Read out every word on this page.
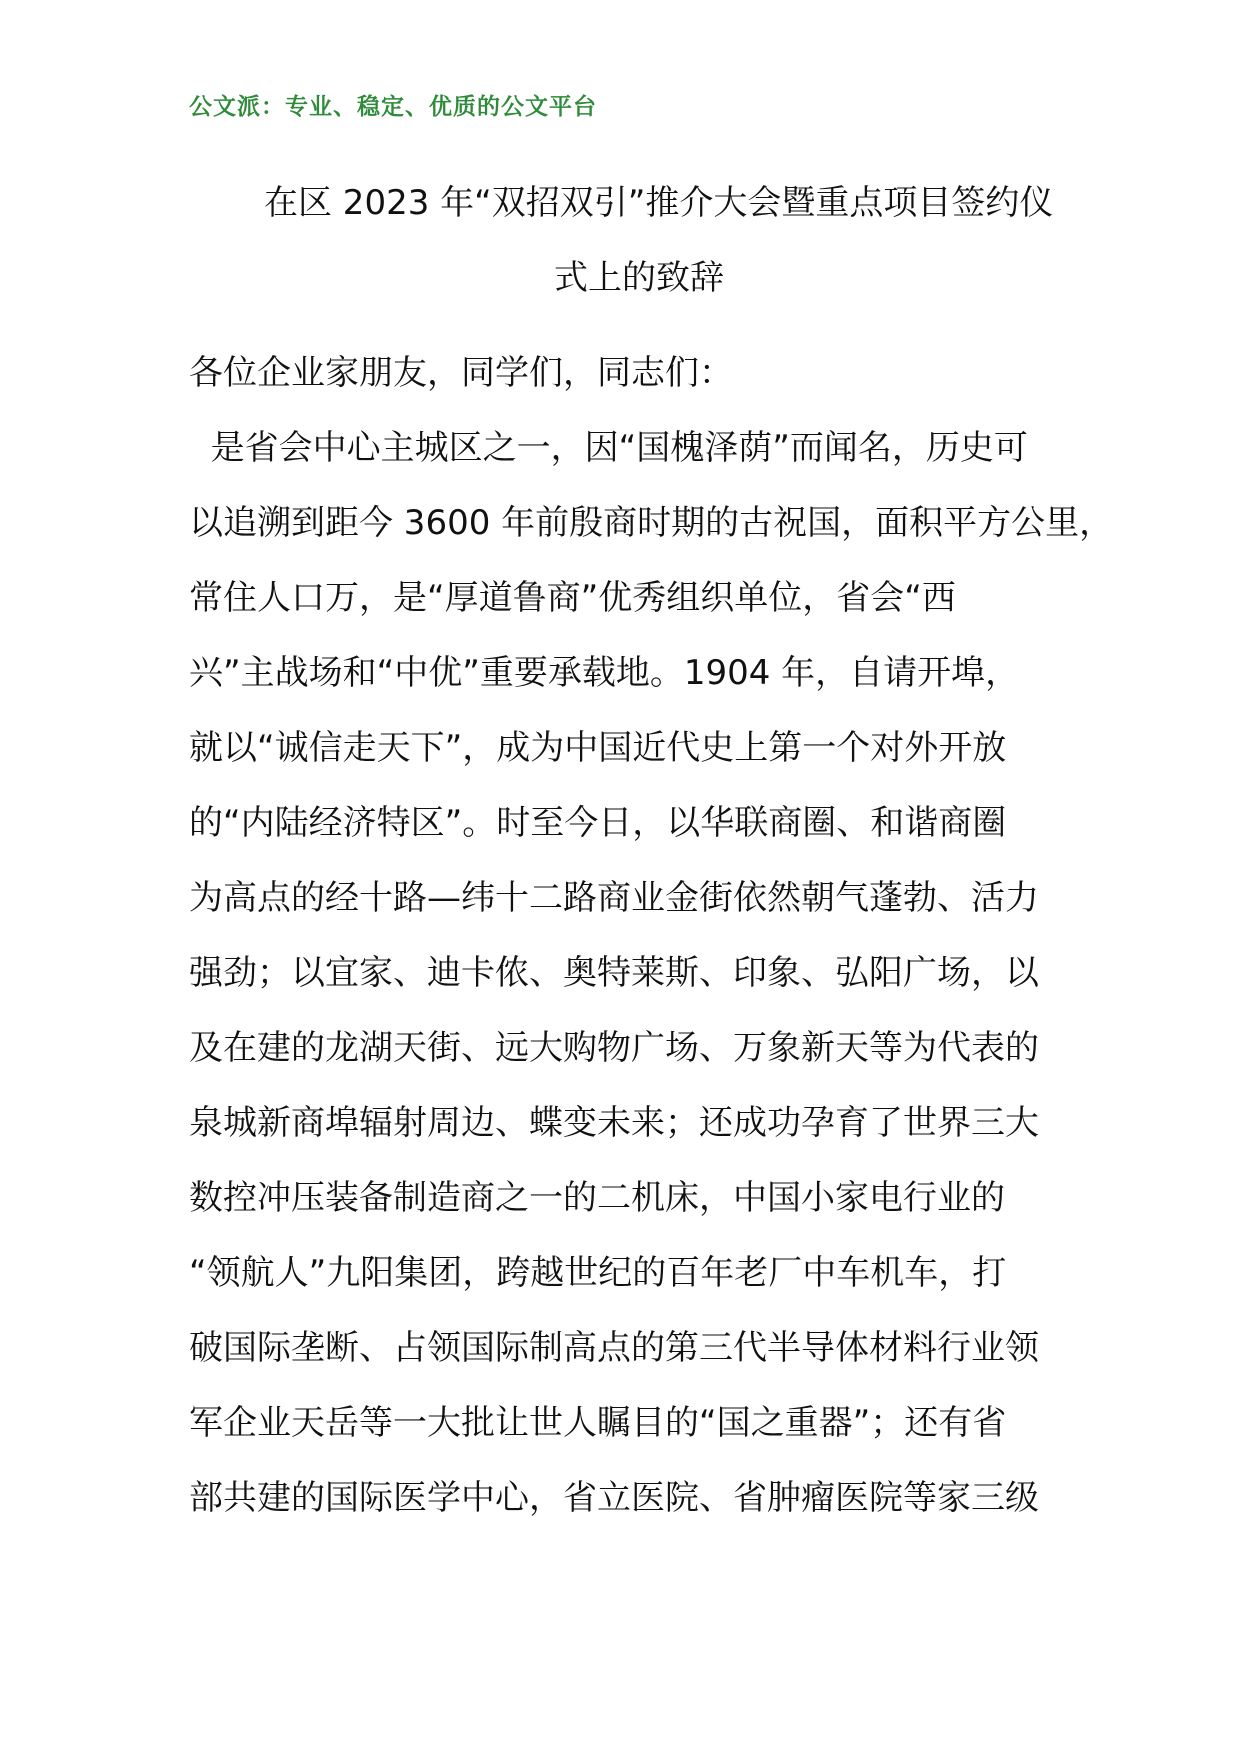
公文派：专业、稳定、优质的公文平台
在区 2023 年“双招双引”推介大会暨重点项目签约仪
式上的致辞
各位企业家朋友，同学们，同志们：
是省会中心主城区之一，因“国槐泽荫”而闻名，历史可
以追溯到距今 3600 年前殷商时期的古祝国，面积平方公里，
常住人口万，是“厚道鲁商”优秀组织单位，省会“西
兴”主战场和“中优”重要承载地。1904 年，自请开埠，
就以“诚信走天下”，成为中国近代史上第一个对外开放
的“内陆经济特区”。时至今日，以华联商圈、和谐商圈
为高点的经十路—纬十二路商业金街依然朝气蓬勃、活力
强劲；以宜家、迪卡侬、奥特莱斯、印象、弘阳广场，以
及在建的龙湖天街、远大购物广场、万象新天等为代表的
泉城新商埠辐射周边、蝶变未来；还成功孕育了世界三大
数控冲压装备制造商之一的二机床，中国小家电行业的
“领航人”九阳集团，跨越世纪的百年老厂中车机车，打
破国际垄断、占领国际制高点的第三代半导体材料行业领
军企业天岳等一大批让世人瞩目的“国之重器”；还有省
部共建的国际医学中心，省立医院、省肿瘤医院等家三级
